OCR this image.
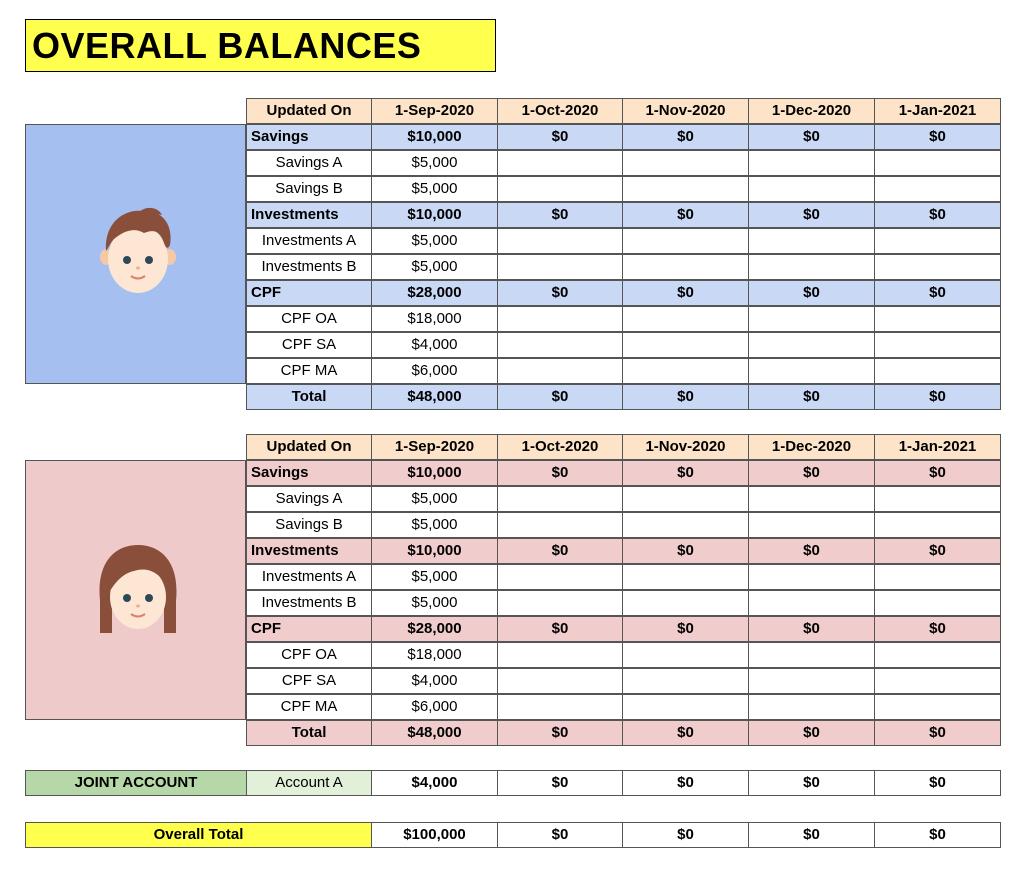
OVERALL BALANCES
Updated On	1-Sep-2020	1-Oct-2020	1-Nov-2020	1-Dec-2020	1-Jan-2021
Savings	$10,000	$0	$0	$0	$0
Savings A	$5,000
Savings B	$5,000
Investments	$10,000	$0	$0	$0	$0
Investments A	$5,000
Investments B	$5,000
CPF	$28,000	$0	$0	$0	$0
CPF OA	$18,000
CPF SA	$4,000
CPF MA	$6,000
Total	$48,000	$0	$0	$0	$0
Updated On	1-Sep-2020	1-Oct-2020	1-Nov-2020	1-Dec-2020	1-Jan-2021
Savings	$10,000	$0	$0	$0	$0
Savings A	$5,000
Savings B	$5,000
Investments	$10,000	$0	$0	$0	$0
Investments A	$5,000
Investments B	$5,000
CPF	$28,000	$0	$0	$0	$0
CPF OA	$18,000
CPF SA	$4,000
CPF MA	$6,000
Total	$48,000	$0	$0	$0	$0
JOINT ACCOUNT	Account A	$4,000	$0	$0	$0	$0
Overall Total	$100,000	$0	$0	$0	$0
